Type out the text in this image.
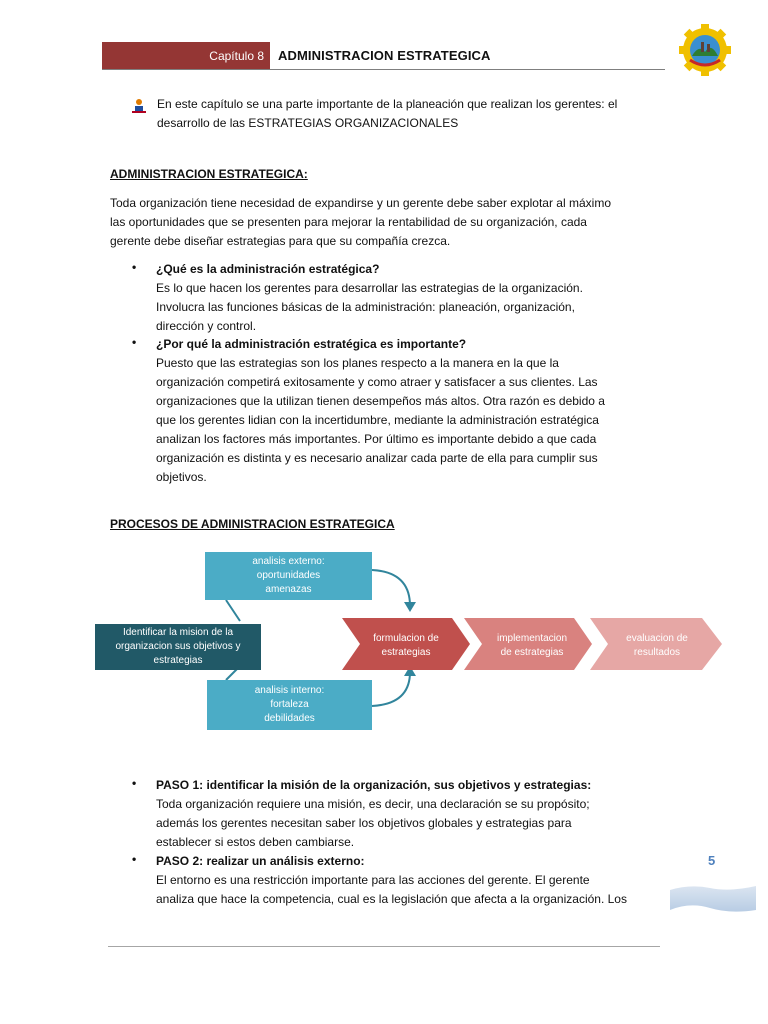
Capítulo 8 ADMINISTRACION ESTRATEGICA
En este capítulo se una parte importante de la planeación que realizan los gerentes: el
desarrollo de las ESTRATEGIAS ORGANIZACIONALES
ADMINISTRACION ESTRATEGICA:
Toda organización tiene necesidad de expandirse y un gerente debe saber explotar al máximo
las oportunidades que se presenten para mejorar la rentabilidad de su organización, cada
gerente debe diseñar estrategias para que su compañía crezca.
• ¿Qué es la administración estratégica?
Es lo que hacen los gerentes para desarrollar las estrategias de la organización.
Involucra las funciones básicas de la administración: planeación, organización,
dirección y control.
• ¿Por qué la administración estratégica es importante?
Puesto que las estrategias son los planes respecto a la manera en la que la
organización competirá exitosamente y como atraer y satisfacer a sus clientes. Las
organizaciones que la utilizan tienen desempeños más altos. Otra razón es debido a
que los gerentes lidian con la incertidumbre, mediante la administración estratégica
analizan los factores más importantes. Por último es importante debido a que cada
organización es distinta y es necesario analizar cada parte de ella para cumplir sus
objetivos.
PROCESOS DE ADMINISTRACION ESTRATEGICA
analisis externo:
oportunidades
amenazas
Identificar la mision de la
organizacion sus objetivos y
estrategias
analisis interno:
fortaleza
debilidades
formulacion de
estrategias
implementacion
de estrategias
evaluacion de
resultados
• PASO 1: identificar la misión de la organización, sus objetivos y estrategias:
Toda organización requiere una misión, es decir, una declaración se su propósito;
además los gerentes necesitan saber los objetivos globales y estrategias para
establecer si estos deben cambiarse.
• PASO 2: realizar un análisis externo:
El entorno es una restricción importante para las acciones del gerente. El gerente
analiza que hace la competencia, cual es la legislación que afecta a la organización. Los
5
